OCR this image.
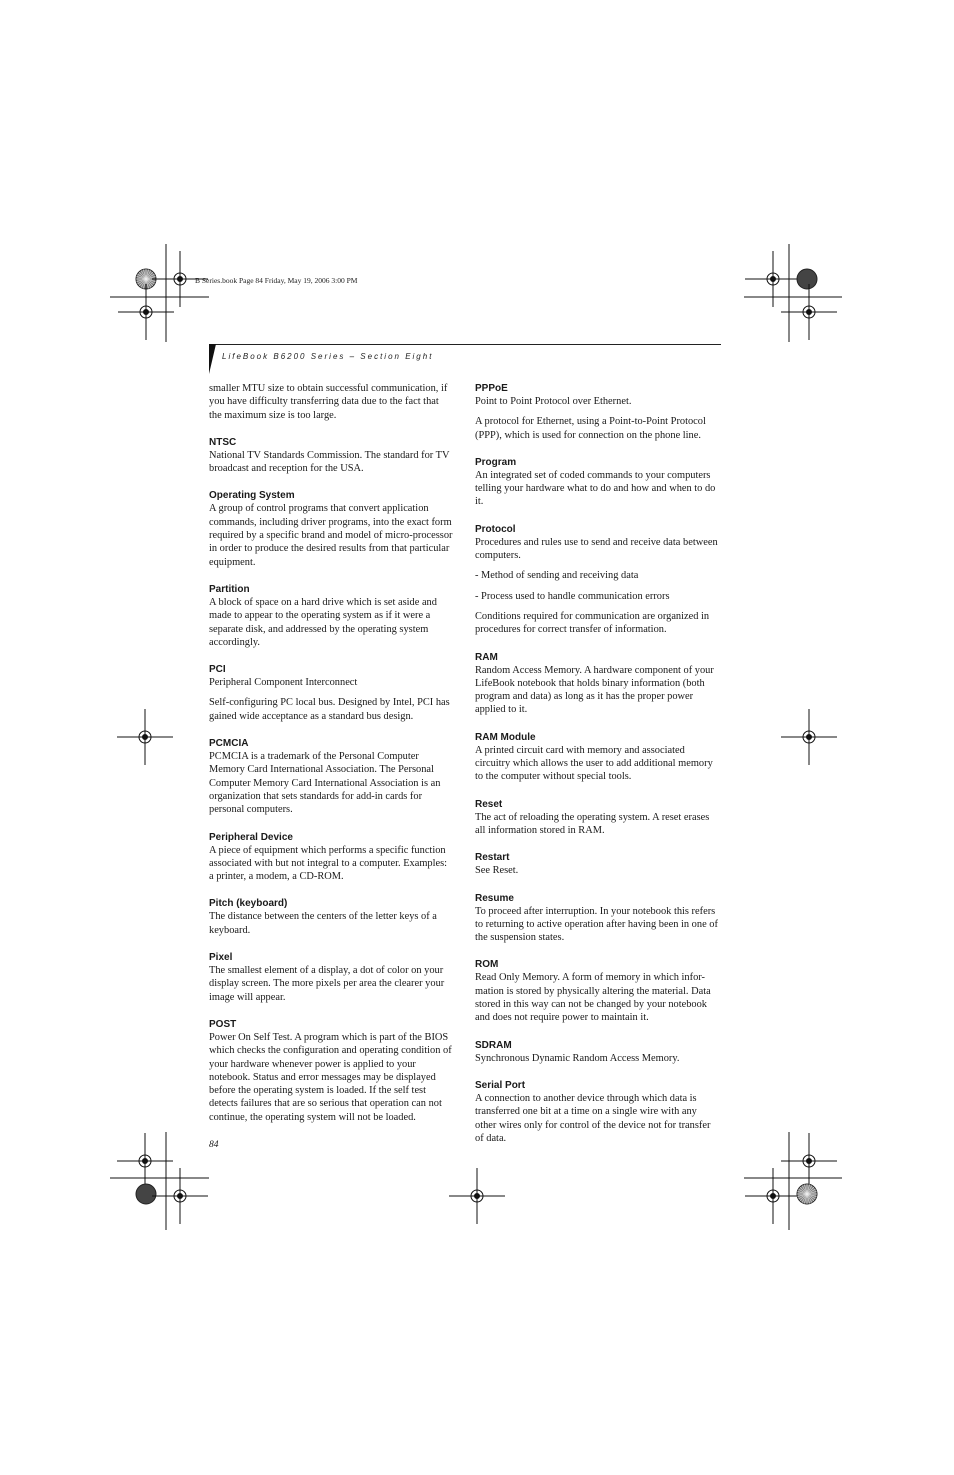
B Series.book Page 84 Friday, May 19, 2006 3:00 PM
LifeBook B6200 Series – Section Eight

smaller MTU size to obtain successful communication, if you have difficulty transferring data due to the fact that the maximum size is too large.

NTSC

National TV Standards Commission. The standard for TV broadcast and reception for the USA.

Operating System

A group of control programs that convert application commands, including driver programs, into the exact form required by a specific brand and model of micro-processor in order to produce the desired results from that particular equipment.

Partition

A block of space on a hard drive which is set aside and made to appear to the operating system as if it were a separate disk, and addressed by the operating system accordingly.

PCI

Peripheral Component Interconnect

Self-configuring PC local bus. Designed by Intel, PCI has gained wide acceptance as a standard bus design.

PCMCIA

PCMCIA is a trademark of the Personal Computer Memory Card International Association. The Personal Computer Memory Card International Association is an organization that sets standards for add-in cards for personal computers.

Peripheral Device

A piece of equipment which performs a specific function associated with but not integral to a computer. Examples: a printer, a modem, a CD-ROM.

Pitch (keyboard)

The distance between the centers of the letter keys of a keyboard.

Pixel

The smallest element of a display, a dot of color on your display screen. The more pixels per area the clearer your image will appear.

POST

Power On Self Test. A program which is part of the BIOS which checks the configuration and operating condition of your hardware whenever power is applied to your notebook. Status and error messages may be displayed before the operating system is loaded. If the self test detects failures that are so serious that operation can not continue, the operating system will not be loaded.

PPPoE

Point to Point Protocol over Ethernet.

A protocol for Ethernet, using a Point-to-Point Protocol (PPP), which is used for connection on the phone line.

Program

An integrated set of coded commands to your computers telling your hardware what to do and how and when to do it.

Protocol

Procedures and rules use to send and receive data between computers.

- Method of sending and receiving data

- Process used to handle communication errors

Conditions required for communication are organized in procedures for correct transfer of information.

RAM

Random Access Memory. A hardware component of your LifeBook notebook that holds binary information (both program and data) as long as it has the proper power applied to it.

RAM Module

A printed circuit card with memory and associated circuitry which allows the user to add additional memory to the computer without special tools.

Reset

The act of reloading the operating system. A reset erases all information stored in RAM.

Restart

See Reset.

Resume

To proceed after interruption. In your notebook this refers to returning to active operation after having been in one of the suspension states.

ROM

Read Only Memory. A form of memory in which infor-mation is stored by physically altering the material. Data stored in this way can not be changed by your notebook and does not require power to maintain it.

SDRAM

Synchronous Dynamic Random Access Memory.

Serial Port

A connection to another device through which data is transferred one bit at a time on a single wire with any other wires only for control of the device not for transfer of data.

84
